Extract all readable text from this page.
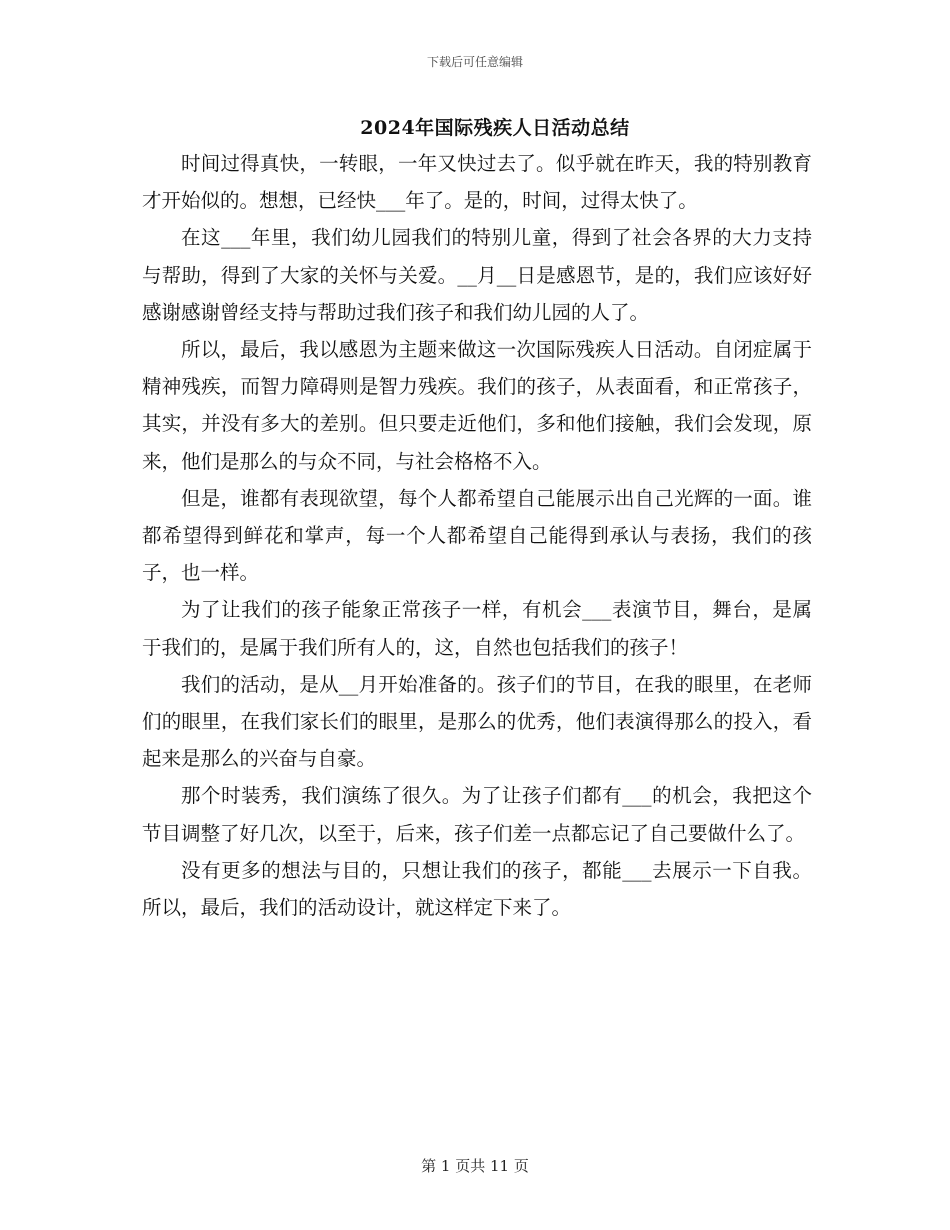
下载后可任意编辑
2024年国际残疾人日活动总结

时间过得真快，一转眼，一年又快过去了。似乎就在昨天，我的特别教育才开始似的。想想，已经快___年了。是的，时间，过得太快了。

在这___年里，我们幼儿园我们的特别儿童，得到了社会各界的大力支持与帮助，得到了大家的关怀与关爱。__月__日是感恩节，是的，我们应该好好感谢感谢曾经支持与帮助过我们孩子和我们幼儿园的人了。

所以，最后，我以感恩为主题来做这一次国际残疾人日活动。自闭症属于精神残疾，而智力障碍则是智力残疾。我们的孩子，从表面看，和正常孩子，其实，并没有多大的差别。但只要走近他们，多和他们接触，我们会发现，原来，他们是那么的与众不同，与社会格格不入。

但是，谁都有表现欲望，每个人都希望自己能展示出自己光辉的一面。谁都希望得到鲜花和掌声，每一个人都希望自己能得到承认与表扬，我们的孩子，也一样。

为了让我们的孩子能象正常孩子一样，有机会___表演节目，舞台，是属于我们的，是属于我们所有人的，这，自然也包括我们的孩子！

我们的活动，是从__月开始准备的。孩子们的节目，在我的眼里，在老师们的眼里，在我们家长们的眼里，是那么的优秀，他们表演得那么的投入，看起来是那么的兴奋与自豪。

那个时装秀，我们演练了很久。为了让孩子们都有___的机会，我把这个节目调整了好几次，以至于，后来，孩子们差一点都忘记了自己要做什么了。

没有更多的想法与目的，只想让我们的孩子，都能___去展示一下自我。所以，最后，我们的活动设计，就这样定下来了。

第 1 页共 11 页
